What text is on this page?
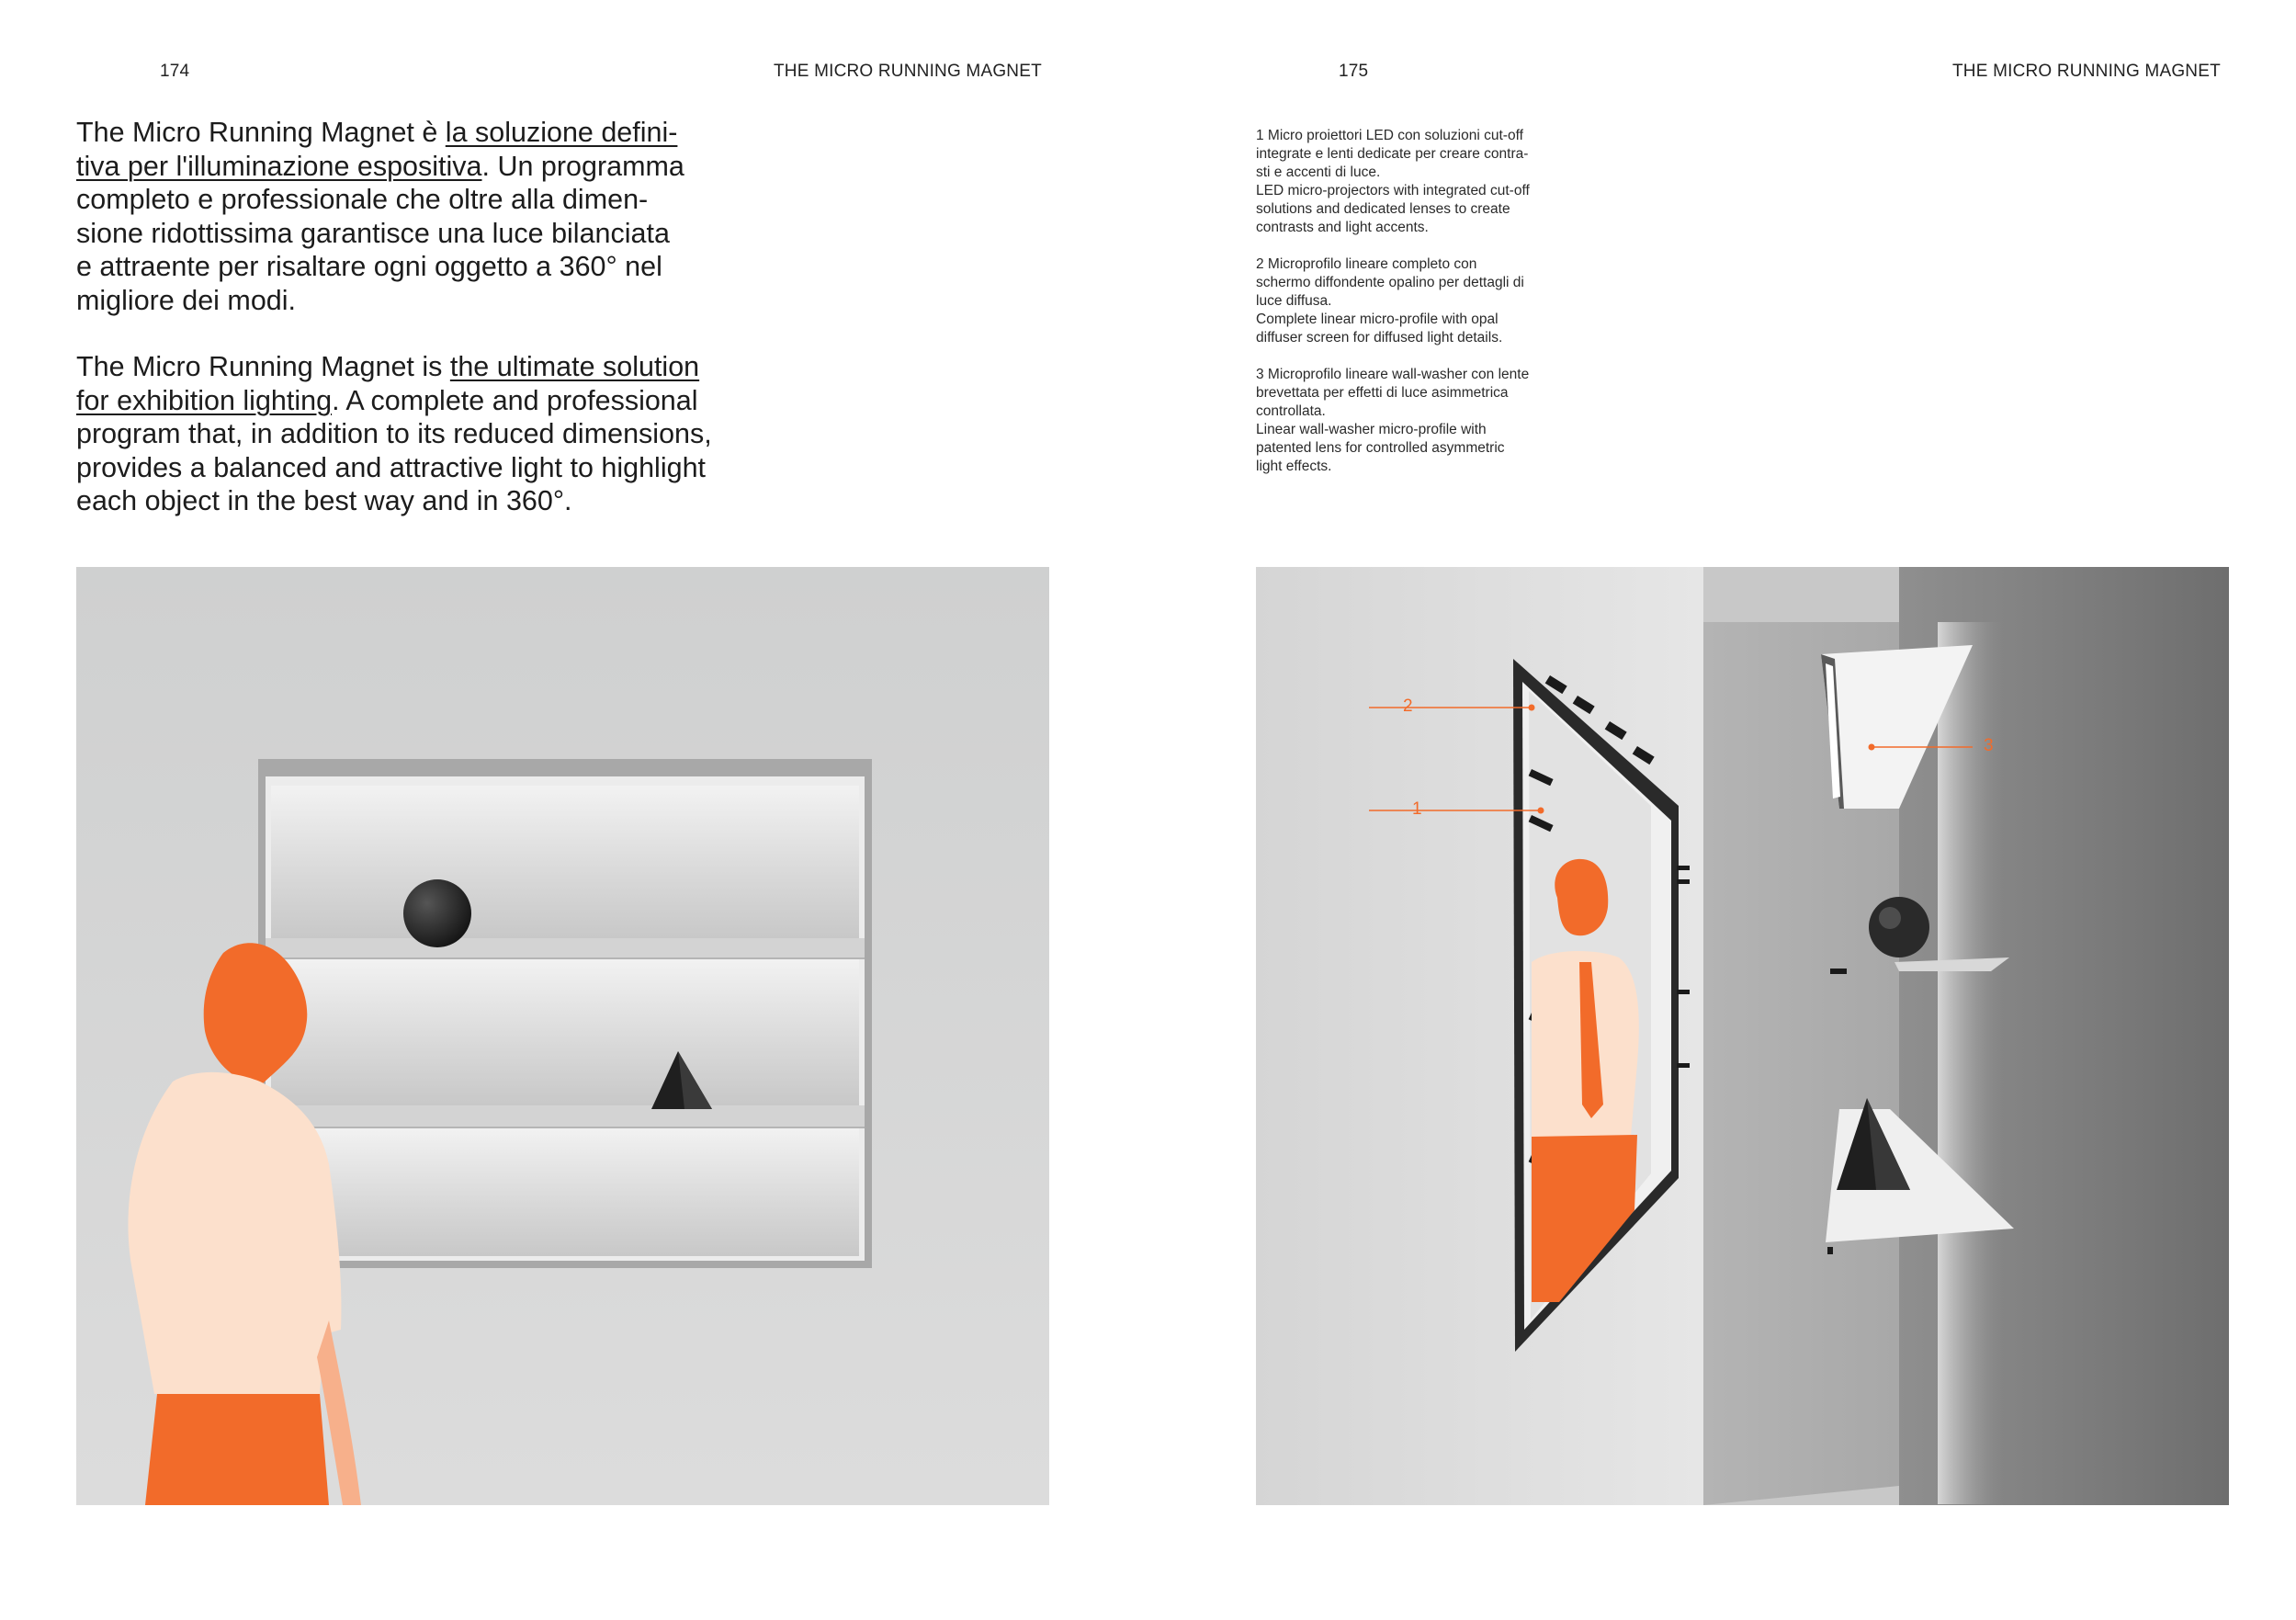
174	THE MICRO RUNNING MAGNET	175	THE MICRO RUNNING MAGNET

The Micro Running Magnet è la soluzione defini-

tiva per l'illuminazione espositiva. Un programma

completo e professionale che oltre alla dimen-

sione ridottissima garantisce una luce bilanciata

e attraente per risaltare ogni oggetto a 360° nel

migliore dei modi.

The Micro Running Magnet is the ultimate solution

for exhibition lighting. A complete and professional

program that, in addition to its reduced dimensions,

provides a balanced and attractive light to highlight

each object in the best way and in 360°.

1 Micro proiettori LED con soluzioni cut-off

integrate e lenti dedicate per creare contra-

sti e accenti di luce.

LED micro-projectors with integrated cut-off

solutions and dedicated lenses to create

contrasts and light accents.

2 Microprofilo lineare completo con

schermo diffondente opalino per dettagli di

luce diffusa.

Complete linear micro-profile with opal

diffuser screen for diffused light details.

3 Microprofilo lineare wall-washer con lente

brevettata per effetti di luce asimmetrica

controllata.

Linear wall-washer micro-profile with

patented lens for controlled asymmetric

light effects.

2
1
3
